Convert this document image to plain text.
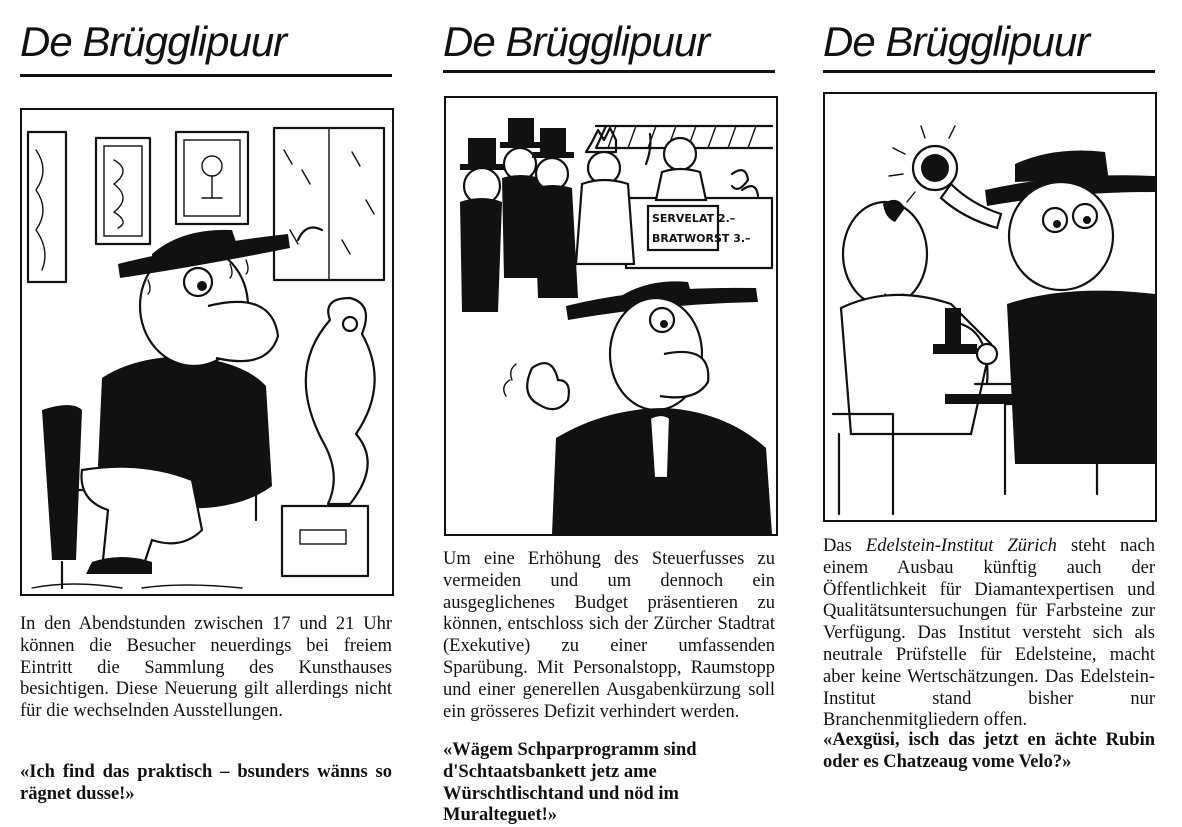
De Brügglipuur

In den Abendstunden zwischen 17 und 21 Uhr können die Besucher neuerdings bei freiem Eintritt die Sammlung des Kunsthauses besichtigen. Diese Neuerung gilt allerdings nicht für die wechselnden Ausstellungen.

«Ich find das praktisch – bsunders wänns so rägnet dusse!»

De Brügglipuur
SERVELAT 2.–
BRATWORST 3.–

Um eine Erhöhung des Steuerfusses zu vermeiden und um dennoch ein ausgeglichenes Budget präsentieren zu können, entschloss sich der Zürcher Stadtrat (Exekutive) zu einer umfassenden Sparübung. Mit Personalstopp, Raumstopp und einer generellen Ausgabenkürzung soll ein grösseres Defizit verhindert werden.

«Wägem Schparprogramm sind d'Schtaatsbankett jetz ame Würschtlischtand und nöd im Muralteguet!»

De Brügglipuur

Das Edelstein-Institut Zürich steht nach einem Ausbau künftig auch der Öffentlichkeit für Diamantexpertisen und Qualitätsuntersuchungen für Farbsteine zur Verfügung. Das Institut versteht sich als neutrale Prüfstelle für Edelsteine, macht aber keine Wertschätzungen. Das Edelstein-Institut stand bisher nur Branchenmitgliedern offen.

«Aexgüsi, isch das jetzt en ächte Rubin oder es Chatzeaug vome Velo?»
